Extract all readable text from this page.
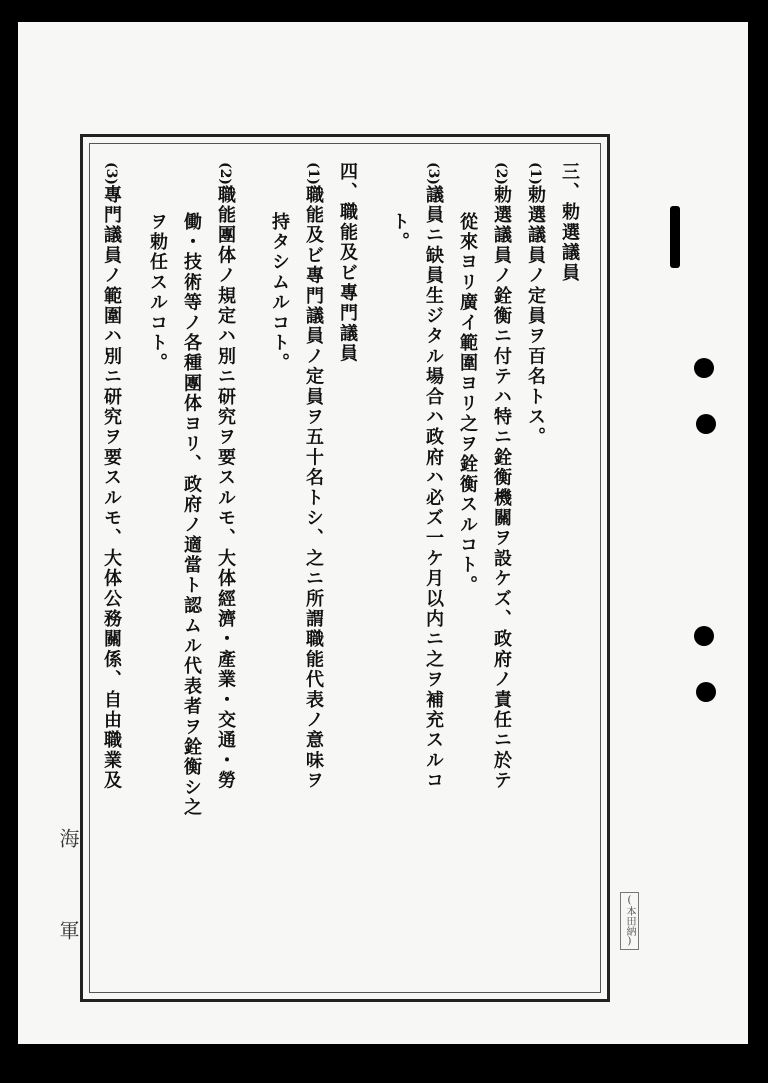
三、勅選議員
(1)勅選議員ノ定員ヲ百名トス。
(2)勅選議員ノ銓衡ニ付テハ特ニ銓衡機關ヲ設ケズ、政府ノ責任ニ於テ
從來ヨリ廣イ範圍ヨリ之ヲ銓衡スルコト。
(3)議員ニ缺員生ジタル場合ハ政府ハ必ズ一ケ月以内ニ之ヲ補充スルコ
ト。
四、職能及ビ專門議員
(1)職能及ビ專門議員ノ定員ヲ五十名トシ、之ニ所謂職能代表ノ意味ヲ
持タシムルコト。
(2)職能團体ノ規定ハ別ニ研究ヲ要スルモ、大体經濟・產業・交通・勞
働・技術等ノ各種團体ヨリ、政府ノ適當ト認ムル代表者ヲ銓衡シ之
ヲ勅任スルコト。
(3)專門議員ノ範圍ハ別ニ研究ヲ要スルモ、大体公務關係、自由職業及
海
軍	(本田納)
